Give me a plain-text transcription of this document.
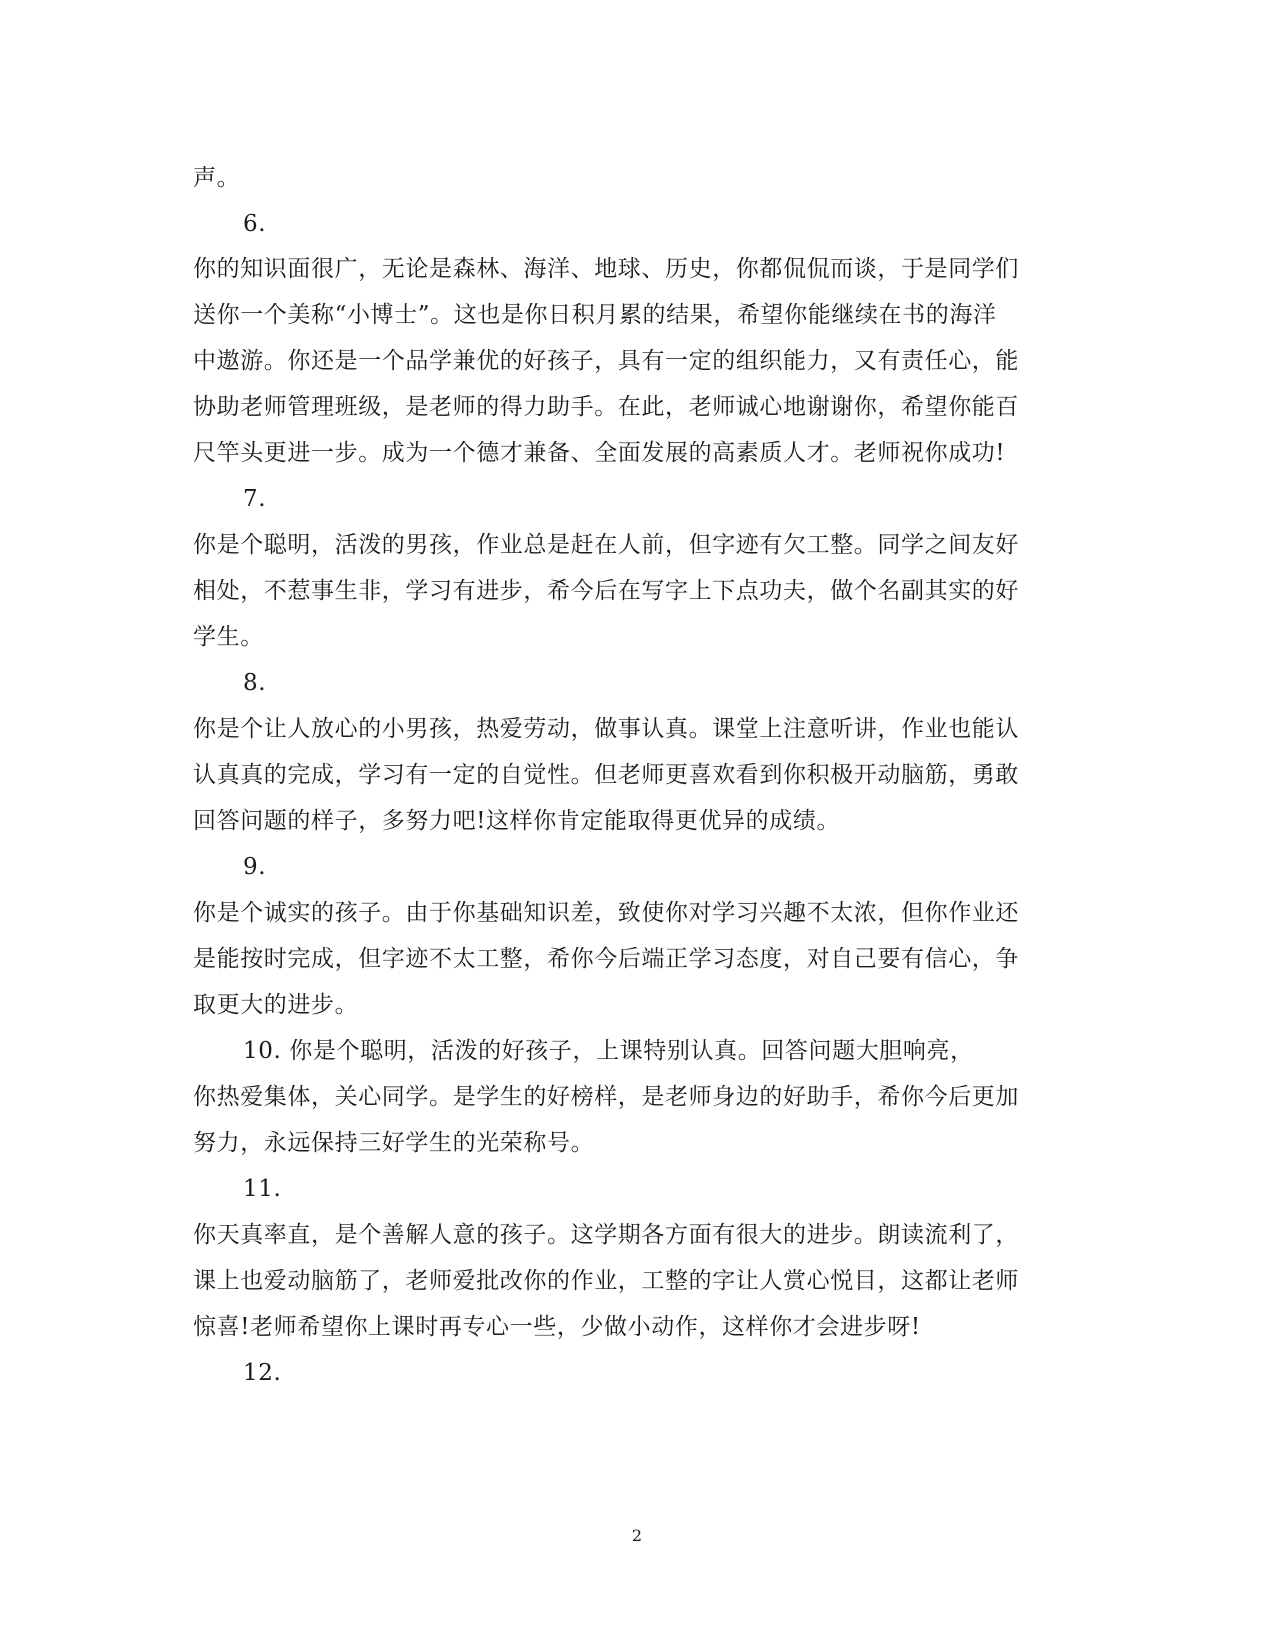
声。
6.
你的知识面很广，无论是森林、海洋、地球、历史，你都侃侃而谈，于是同学们
送你一个美称“小博士”。这也是你日积月累的结果，希望你能继续在书的海洋
中遨游。你还是一个品学兼优的好孩子，具有一定的组织能力，又有责任心，能
协助老师管理班级，是老师的得力助手。在此，老师诚心地谢谢你，希望你能百
尺竿头更进一步。成为一个德才兼备、全面发展的高素质人才。老师祝你成功!
7.
你是个聪明，活泼的男孩，作业总是赶在人前，但字迹有欠工整。同学之间友好
相处，不惹事生非，学习有进步，希今后在写字上下点功夫，做个名副其实的好
学生。
8.
你是个让人放心的小男孩，热爱劳动，做事认真。课堂上注意听讲，作业也能认
认真真的完成，学习有一定的自觉性。但老师更喜欢看到你积极开动脑筋，勇敢
回答问题的样子，多努力吧!这样你肯定能取得更优异的成绩。
9.
你是个诚实的孩子。由于你基础知识差，致使你对学习兴趣不太浓，但你作业还
是能按时完成，但字迹不太工整，希你今后端正学习态度，对自己要有信心，争
取更大的进步。
10. 你是个聪明，活泼的好孩子，上课特别认真。回答问题大胆响亮，
你热爱集体，关心同学。是学生的好榜样，是老师身边的好助手，希你今后更加
努力，永远保持三好学生的光荣称号。
11.
你天真率直，是个善解人意的孩子。这学期各方面有很大的进步。朗读流利了，
课上也爱动脑筋了，老师爱批改你的作业，工整的字让人赏心悦目，这都让老师
惊喜!老师希望你上课时再专心一些，少做小动作，这样你才会进步呀!
12.
2
